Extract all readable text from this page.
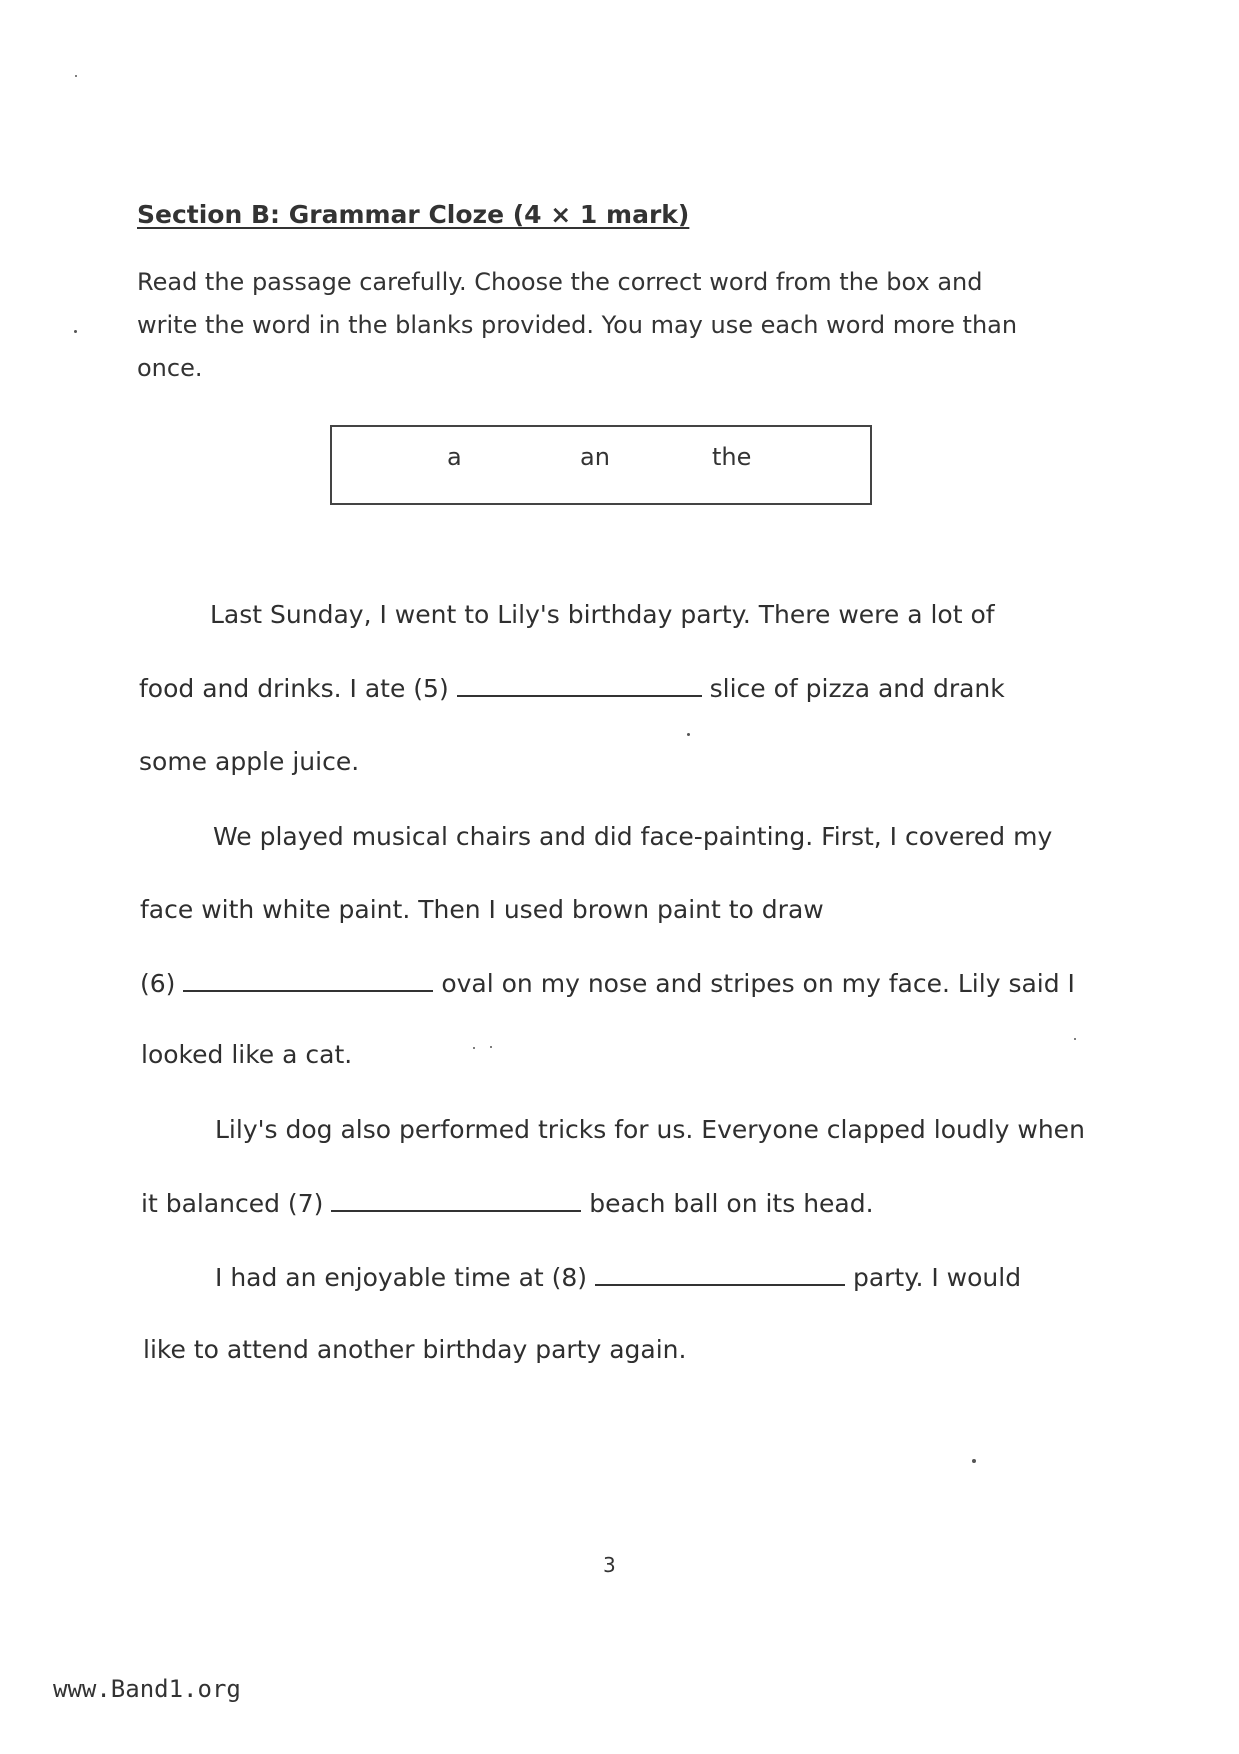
Section B: Grammar Cloze (4 × 1 mark)
Read the passage carefully. Choose the correct word from the box and
write the word in the blanks provided. You may use each word more than
once.
a	an	the
Last Sunday, I went to Lily's birthday party. There were a lot of
food and drinks. I ate (5)	slice of pizza and drank
some apple juice.
We played musical chairs and did face-painting. First, I covered my
face with white paint. Then I used brown paint to draw
(6)	oval on my nose and stripes on my face. Lily said I
looked like a cat.
Lily's dog also performed tricks for us. Everyone clapped loudly when
it balanced (7)	beach ball on its head.
I had an enjoyable time at (8)	party. I would
like to attend another birthday party again.
3
www.Band1.org
